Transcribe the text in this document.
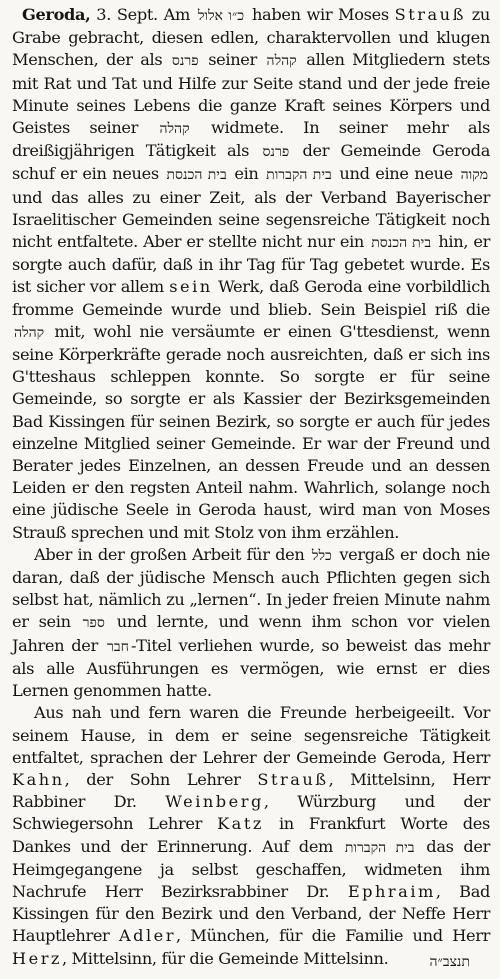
Geroda, 3. Sept. Am כ״ו אלול haben wir Moses Strauß zu Grabe gebracht, diesen edlen, charaktervollen und klugen Menschen, der als פרנס seiner קהלה allen Mitgliedern stets mit Rat und Tat und Hilfe zur Seite stand und der jede freie Minute seines Lebens die ganze Kraft seines Körpers und Geistes seiner קהלה widmete. In seiner mehr als dreißigjährigen Tätigkeit als פרנס der Gemeinde Geroda schuf er ein neues בית הכנסת ein בית הקברות und eine neue מקוה und das alles zu einer Zeit, als der Verband Bayerischer Israelitischer Gemeinden seine segensreiche Tätigkeit noch nicht entfaltete. Aber er stellte nicht nur ein בית הכנסת hin, er sorgte auch dafür, daß in ihr Tag für Tag gebetet wurde. Es ist sicher vor allem sein Werk, daß Geroda eine vorbildlich fromme Gemeinde wurde und blieb. Sein Beispiel riß die קהלה mit, wohl nie versäumte er einen G'ttesdienst, wenn seine Körperkräfte gerade noch ausreichten, daß er sich ins G'tteshaus schleppen konnte. So sorgte er für seine Gemeinde, so sorgte er als Kassier der Bezirksgemeinden Bad Kissingen für seinen Bezirk, so sorgte er auch für jedes einzelne Mitglied seiner Gemeinde. Er war der Freund und Berater jedes Einzelnen, an dessen Freude und an dessen Leiden er den regsten Anteil nahm. Wahrlich, solange noch eine jüdische Seele in Geroda haust, wird man von Moses Strauß sprechen und mit Stolz von ihm erzählen.

Aber in der großen Arbeit für den כלל vergaß er doch nie daran, daß der jüdische Mensch auch Pflichten gegen sich selbst hat, nämlich zu „lernen“. In jeder freien Minute nahm er sein ספר und lernte, und wenn ihm schon vor vielen Jahren der חבר -Titel verliehen wurde, so beweist das mehr als alle Ausführungen es vermögen, wie ernst er dies Lernen genommen hatte.

Aus nah und fern waren die Freunde herbeigeeilt. Vor seinem Hause, in dem er seine segensreiche Tätigkeit entfaltet, sprachen der Lehrer der Gemeinde Geroda, Herr Kahn, der Sohn Lehrer Strauß, Mittelsinn, Herr Rabbiner Dr. Weinberg, Würzburg und der Schwiegersohn Lehrer Katz in Frankfurt Worte des Dankes und der Erinnerung. Auf dem בית הקברות das der Heimgegangene ja selbst geschaffen, widmeten ihm Nachrufe Herr Bezirksrabbiner Dr. Ephraim, Bad Kissingen für den Bezirk und den Verband, der Neffe Herr Hauptlehrer Adler, München, für die Familie und Herr Herz, Mittelsinn, für die Gemeinde Mittelsinn.	תנצב״ה
